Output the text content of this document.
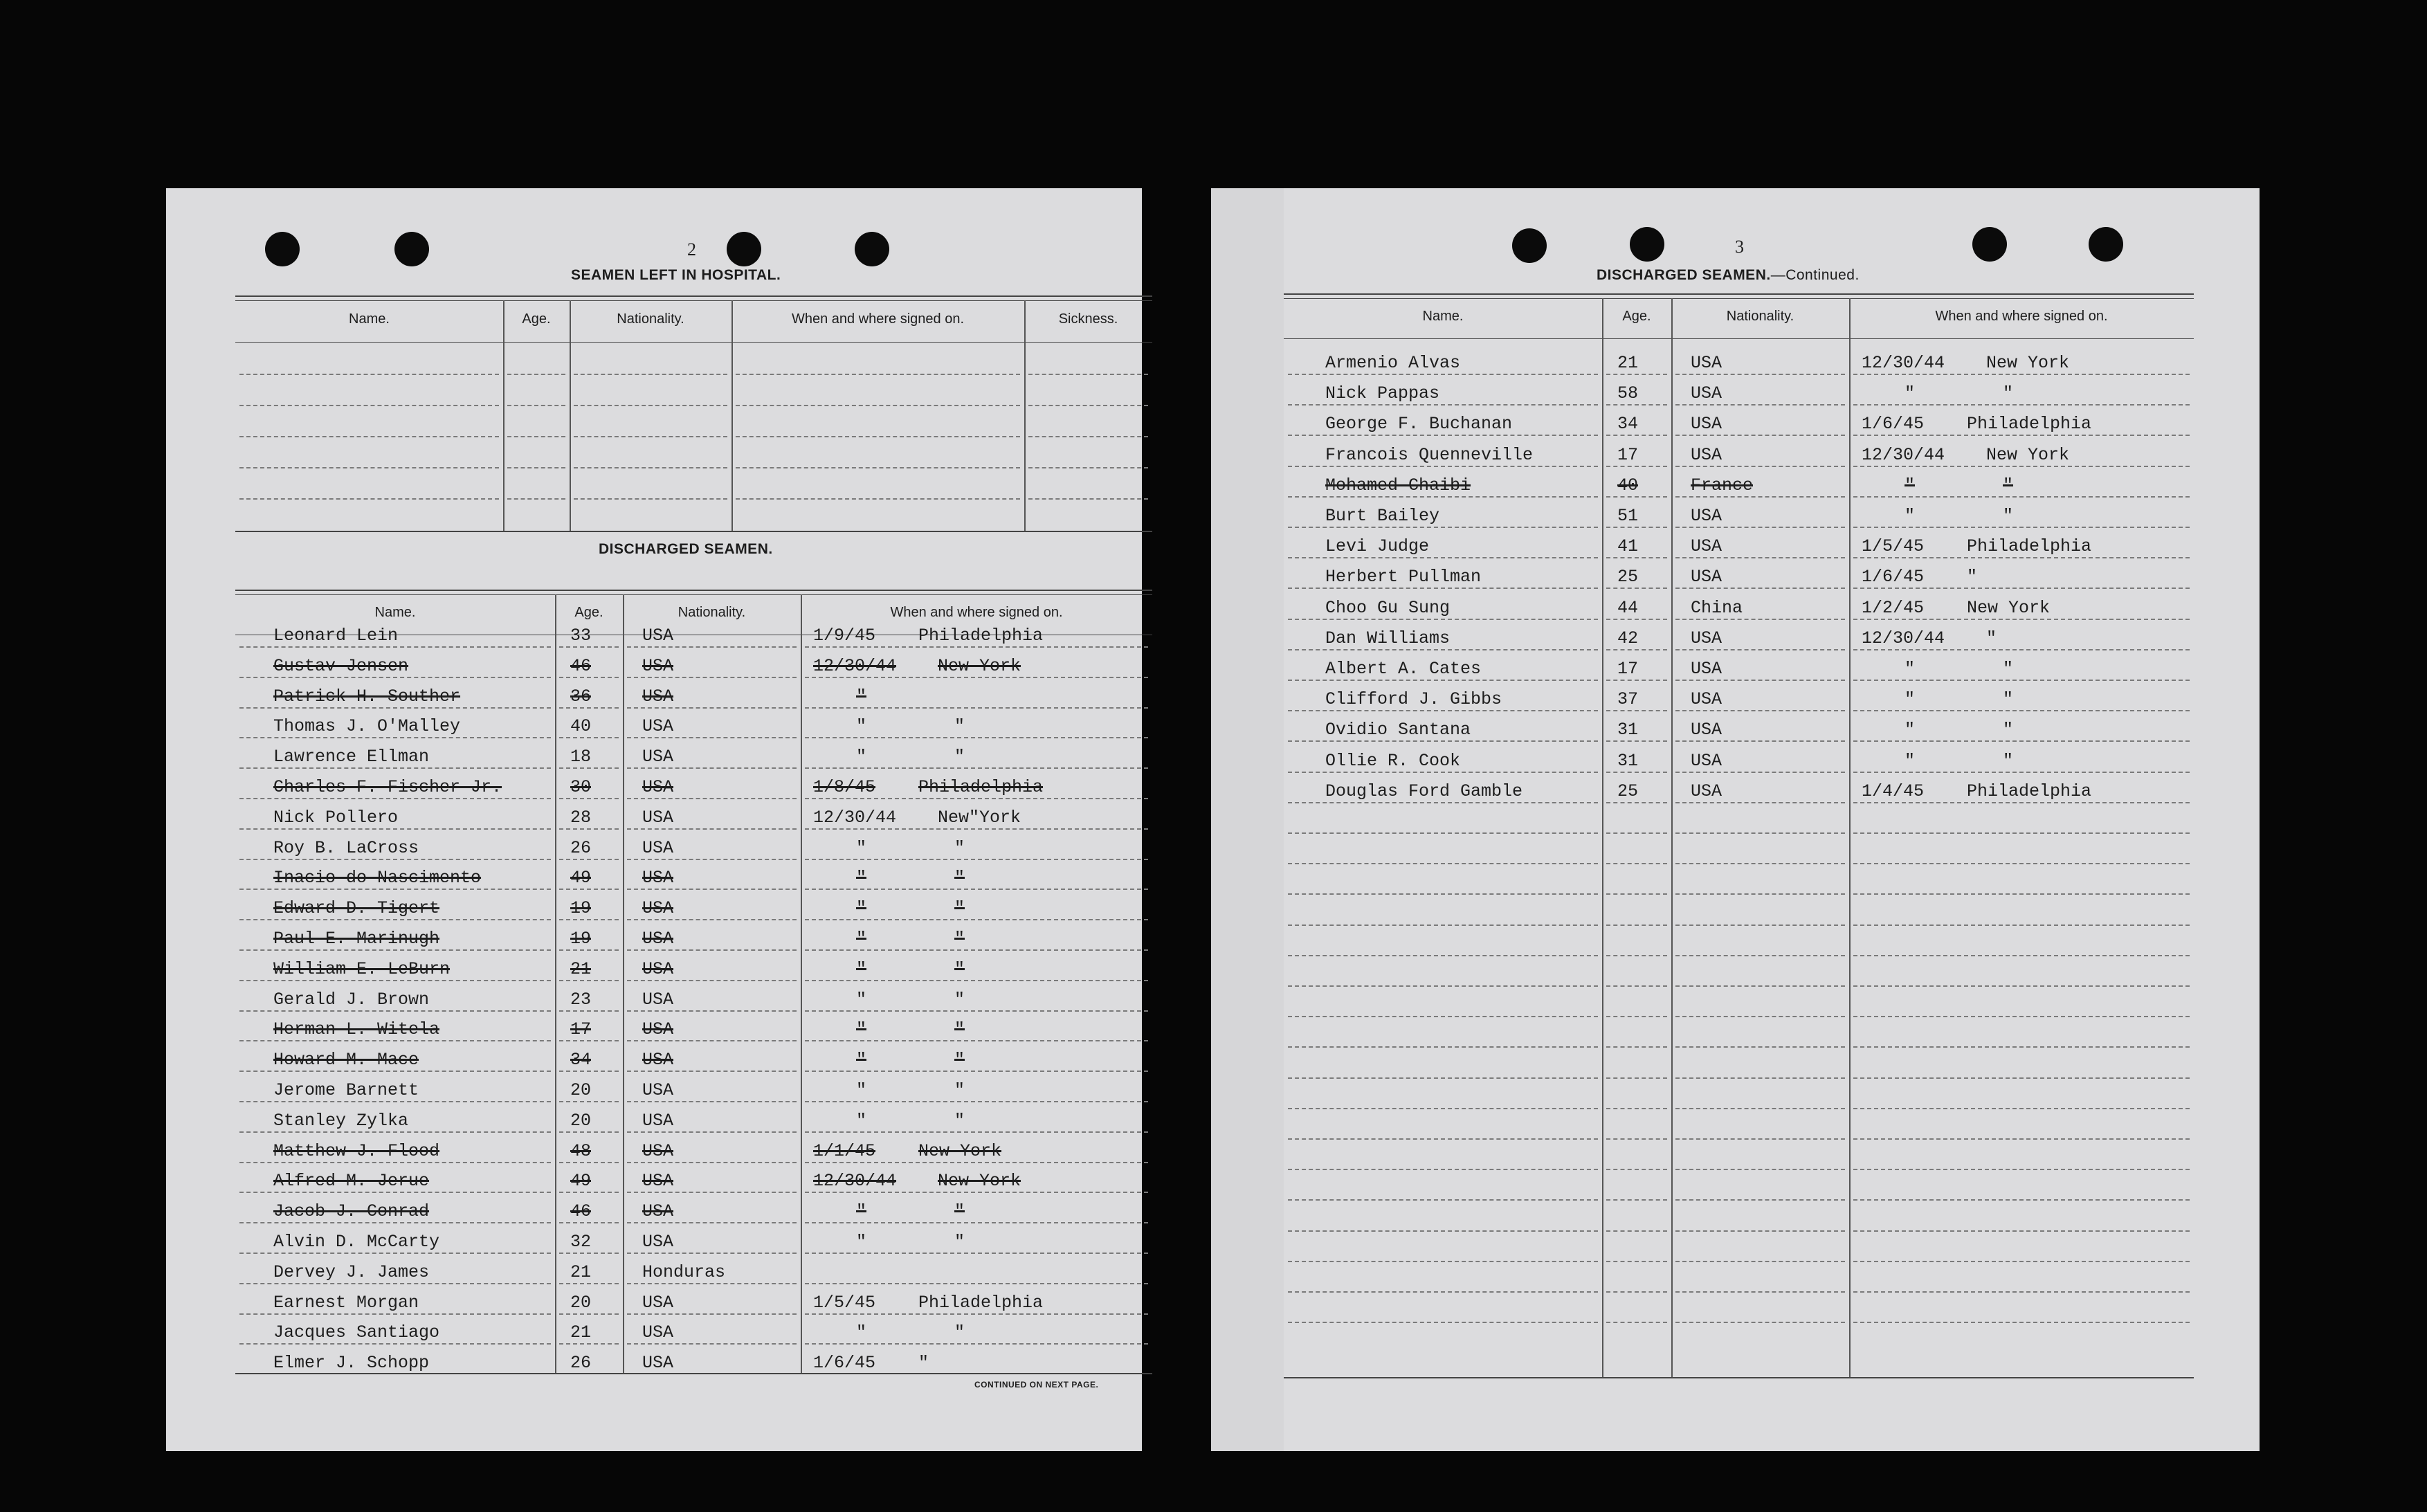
2
SEAMEN LEFT IN HOSPITAL.
Name.	Age.	Nationality.	When and where signed on.	Sickness.
DISCHARGED SEAMEN.
Name.	Age.	Nationality.	When and where signed on.
Leonard Lein	33	USA	1/9/45 Philadelphia
Gustav Jensen	46	USA	12/30/44 New York
Patrick H. Souther	36	USA	"
Thomas J. O'Malley	40	USA	"	"
Lawrence Ellman	18	USA	"	"
Charles F. Fischer Jr.	30	USA	1/8/45 Philadelphia
Nick Pollero	28	USA	12/30/44 New"York
Roy B. LaCross	26	USA	"	"
Inacio do Nascimento	49	USA	"	"
Edward D. Tigert	19	USA	"	"
Paul E. Marinugh	19	USA	"	"
William E. LeBurn	21	USA	"	"
Gerald J. Brown	23	USA	"	"
Herman L. Witela	17	USA	"	"
Howard M. Mace	34	USA	"	"
Jerome Barnett	20	USA	"	"
Stanley Zylka	20	USA	"	"
Matthew J. Flood	48	USA	1/1/45 New York
Alfred M. Jerue	49	USA	12/30/44 New York
Jacob J. Conrad	46	USA	"	"
Alvin D. McCarty	32	USA	"	"
Dervey J. James	21	Honduras
Earnest Morgan	20	USA	1/5/45 Philadelphia
Jacques Santiago	21	USA	"	"
Elmer J. Schopp	26	USA	1/6/45 "
CONTINUED ON NEXT PAGE.
3
DISCHARGED SEAMEN.—Continued.
Name.	Age.	Nationality.	When and where signed on.
Armenio Alvas	21	USA	12/30/44 New York
Nick Pappas	58	USA	"	"
George F. Buchanan	34	USA	1/6/45 Philadelphia
Francois Quenneville	17	USA	12/30/44 New York
Mohamed Chaibi	40	France	"	"
Burt Bailey	51	USA	"	"
Levi Judge	41	USA	1/5/45 Philadelphia
Herbert Pullman	25	USA	1/6/45 "
Choo Gu Sung	44	China	1/2/45 New York
Dan Williams	42	USA	12/30/44 "
Albert A. Cates	17	USA	"	"
Clifford J. Gibbs	37	USA	"	"
Ovidio Santana	31	USA	"	"
Ollie R. Cook	31	USA	"	"
Douglas Ford Gamble	25	USA	1/4/45 Philadelphia
